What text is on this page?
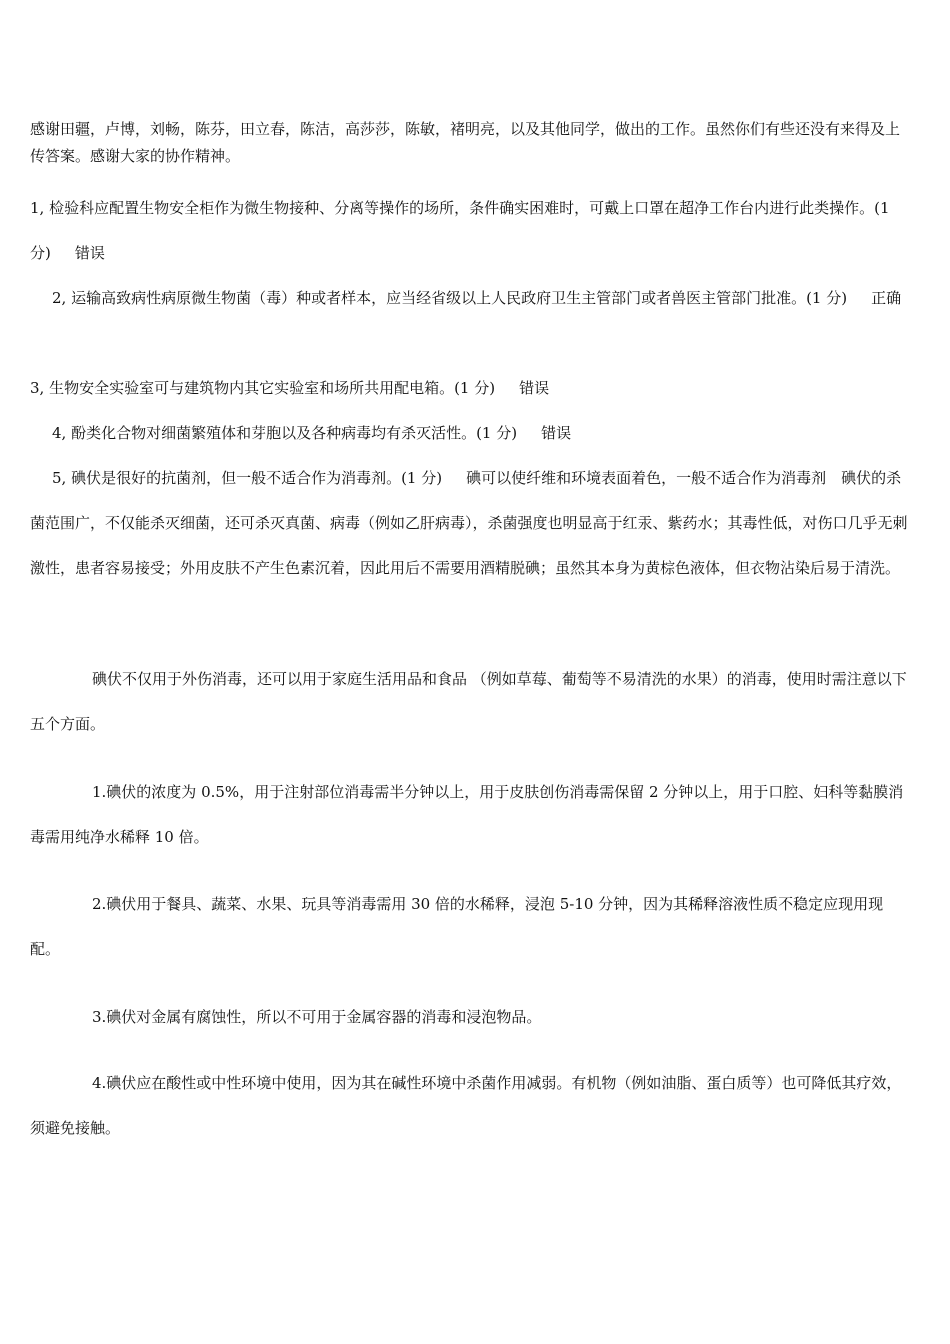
感谢田疆，卢博，刘畅，陈芬，田立春，陈洁，高莎莎，陈敏，褚明亮，以及其他同学，做出的工作。虽然你们有些还没有来得及上传答案。感谢大家的协作精神。

1, 检验科应配置生物安全柜作为微生物接种、分离等操作的场所，条件确实困难时，可戴上口罩在超净工作台内进行此类操作。(1 分) 错误

2, 运输高致病性病原微生物菌（毒）种或者样本，应当经省级以上人民政府卫生主管部门或者兽医主管部门批准。(1 分) 正确

3, 生物安全实验室可与建筑物内其它实验室和场所共用配电箱。(1 分) 错误

4, 酚类化合物对细菌繁殖体和芽胞以及各种病毒均有杀灭活性。(1 分) 错误

5, 碘伏是很好的抗菌剂，但一般不适合作为消毒剂。(1 分) 碘可以使纤维和环境表面着色，一般不适合作为消毒剂　碘伏的杀菌范围广，不仅能杀灭细菌，还可杀灭真菌、病毒（例如乙肝病毒），杀菌强度也明显高于红汞、紫药水；其毒性低，对伤口几乎无刺激性，患者容易接受；外用皮肤不产生色素沉着，因此用后不需要用酒精脱碘；虽然其本身为黄棕色液体，但衣物沾染后易于清洗。

碘伏不仅用于外伤消毒，还可以用于家庭生活用品和食品 （例如草莓、葡萄等不易清洗的水果）的消毒，使用时需注意以下五个方面。

1.碘伏的浓度为 0.5%，用于注射部位消毒需半分钟以上，用于皮肤创伤消毒需保留 2 分钟以上，用于口腔、妇科等黏膜消毒需用纯净水稀释 10 倍。

2.碘伏用于餐具、蔬菜、水果、玩具等消毒需用 30 倍的水稀释，浸泡 5-10 分钟，因为其稀释溶液性质不稳定应现用现配。

3.碘伏对金属有腐蚀性，所以不可用于金属容器的消毒和浸泡物品。

4.碘伏应在酸性或中性环境中使用，因为其在碱性环境中杀菌作用减弱。有机物（例如油脂、蛋白质等）也可降低其疗效，须避免接触。
